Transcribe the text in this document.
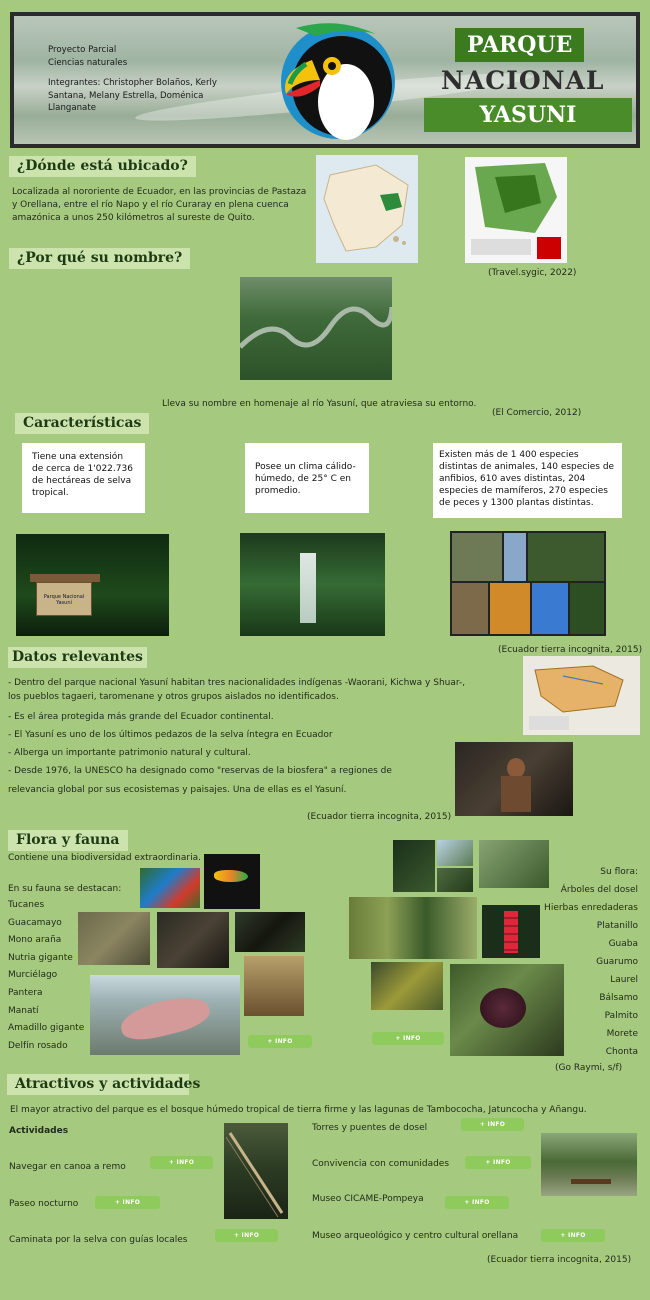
Proyecto Parcial
Ciencias naturales
Integrantes: Christopher Bolaños, Kerly Santana, Melany Estrella, Doménica Llanganate
PARQUE
NACIONAL
YASUNI
¿Dónde está ubicado?
Localizada al nororiente de Ecuador, en las provincias de Pastaza y Orellana, entre el río Napo y el río Curaray en plena cuenca amazónica a unos 250 kilómetros al sureste de Quito.
(Travel.sygic, 2022)
¿Por qué su nombre?
Lleva su nombre en homenaje al río Yasuní, que atraviesa su entorno.
(El Comercio, 2012)
Características
Tiene una extensión de cerca de 1'022.736 de hectáreas de selva tropical.
Posee un clima cálido-húmedo, de 25° C en promedio.
Existen más de 1 400 especies distintas de animales, 140 especies de anfibios, 610 aves distintas, 204 especies de mamíferos, 270 especies de peces y 1300 plantas distintas.
Parque Nacional Yasuní
(Ecuador tierra incognita, 2015)
Datos relevantes
- Dentro del parque nacional Yasuní habitan tres nacionalidades indígenas -Waorani, Kichwa y Shuar-, los pueblos tagaeri, taromenane y otros grupos aislados no identificados.
- Es el área protegida más grande del Ecuador continental.
- El Yasuní es uno de los últimos pedazos de la selva íntegra en Ecuador
- Alberga un importante patrimonio natural y cultural.
- Desde 1976, la UNESCO ha designado como "reservas de la biosfera" a regiones de relevancia global por sus ecosistemas y paisajes. Una de ellas es el Yasuní.
(Ecuador tierra incognita, 2015)
Flora y fauna
Contiene una biodiversidad extraordinaria.
En su fauna se destacan:
Tucanes
Guacamayo
Mono araña
Nutria gigante
Murciélago
Pantera
Manatí
Amadillo gigante
Delfín rosado	+ INFO	+ INFO
Su flora:
Árboles del dosel
Hierbas enredaderas
Platanillo
Guaba
Guarumo
Laurel
Bálsamo
Palmito
Morete
Chonta
(Go Raymi, s/f)
Atractivos y actividades
El mayor atractivo del parque es el bosque húmedo tropical de tierra firme y las lagunas de Tambococha, Jatuncocha y Añangu.
Actividades
Navegar en canoa a remo	+ INFO
Paseo nocturno	+ INFO
Caminata por la selva con guías locales	+ INFO
Torres y puentes de dosel	+ INFO
Convivencia con comunidades	+ INFO
Museo CICAME-Pompeya	+ INFO
Museo arqueológico y centro cultural orellana	+ INFO
(Ecuador tierra incognita, 2015)
